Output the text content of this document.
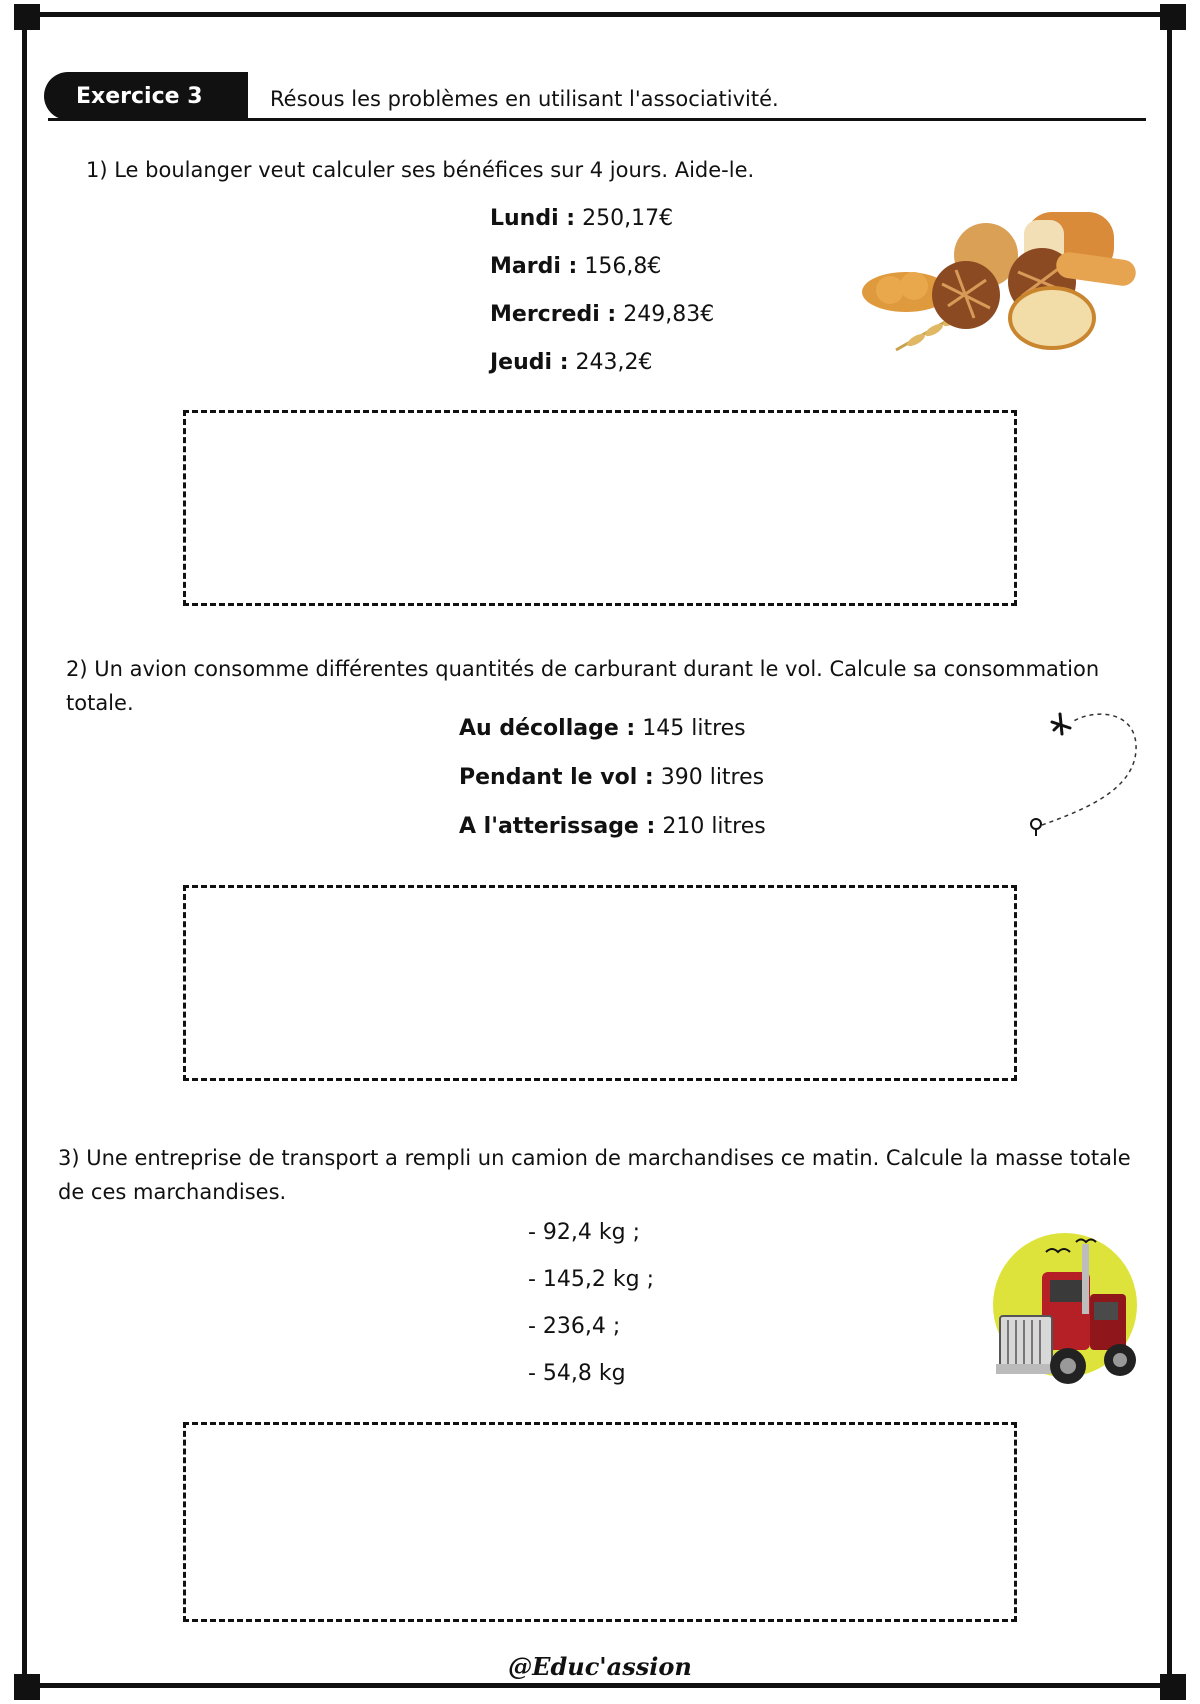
Exercice 3	Résous les problèmes en utilisant l'associativité.
1) Le boulanger veut calculer ses bénéfices sur 4 jours. Aide-le.
Lundi : 250,17€
Mardi : 156,8€
Mercredi : 249,83€
Jeudi : 243,2€
2) Un avion consomme différentes quantités de carburant durant le vol. Calcule sa consommation totale.
Au décollage : 145 litres
Pendant le vol : 390 litres
A l'atterissage : 210 litres
3) Une entreprise de transport a rempli un camion de marchandises ce matin. Calcule la masse totale de ces marchandises.
- 92,4 kg ;
- 145,2 kg ;
- 236,4 ;
- 54,8 kg
@Educ'assion
